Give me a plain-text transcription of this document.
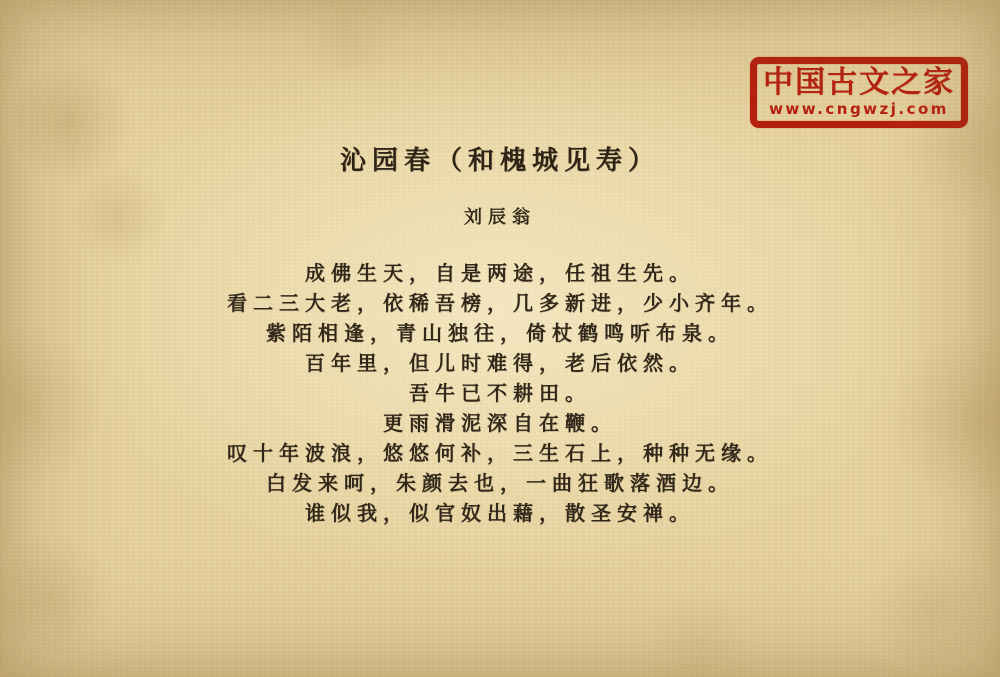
中国古文之家
www.cngwzj.com
沁园春（和槐城见寿）
刘辰翁
成佛生天，自是两途，任祖生先。
看二三大老，依稀吾榜，几多新进，少小齐年。
紫陌相逢，青山独往，倚杖鹤鸣听布泉。
百年里，但儿时难得，老后依然。
吾牛已不耕田。
更雨滑泥深自在鞭。
叹十年波浪，悠悠何补，三生石上，种种无缘。
白发来呵，朱颜去也，一曲狂歌落酒边。
谁似我，似官奴出藉，散圣安禅。
